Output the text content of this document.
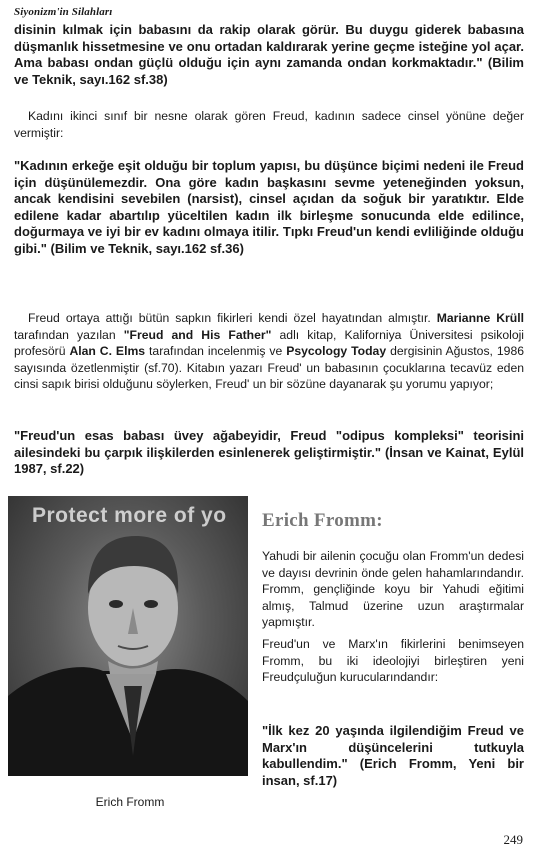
Siyonizm'in Silahları
disinin kılmak için babasını da rakip olarak görür. Bu duygu giderek babasına düşmanlık hissetmesine ve onu ortadan kaldırarak yerine geçme isteğine yol açar. Ama babası ondan güçlü olduğu için aynı zamanda ondan korkmaktadır." (Bilim ve Teknik, sayı.162 sf.38)
Kadını ikinci sınıf bir nesne olarak gören Freud, kadının sadece cinsel yönüne değer vermiştir:
"Kadının erkeğe eşit olduğu bir toplum yapısı, bu düşünce biçimi nedeni ile Freud için düşünülemezdir. Ona göre kadın başkasını sevme yeteneğinden yoksun, ancak kendisini sevebilen (narsist), cinsel açıdan da soğuk bir yaratıktır. Elde edilene kadar abartılıp yüceltilen kadın ilk birleşme sonucunda elde edilince, doğurmaya ve iyi bir ev kadını olmaya itilir. Tıpkı Freud'un kendi evliliğinde olduğu gibi." (Bilim ve Teknik, sayı.162 sf.36)
Freud ortaya attığı bütün sapkın fikirleri kendi özel hayatından almıştır. Marianne Krüll tarafından yazılan "Freud and His Father" adlı kitap, Kaliforniya Üniversitesi psikoloji profesörü Alan C. Elms tarafından incelenmiş ve Psycology Today dergisinin Ağustos, 1986 sayısında özetlenmiştir (sf.70). Kitabın yazarı Freud' un babasının çocuklarına tecavüz eden cinsi sapık birisi olduğunu söylerken, Freud' un bir sözüne dayanarak şu yorumu yapıyor;
"Freud'un esas babası üvey ağabeyidir, Freud "odipus kompleksi" teorisini ailesindeki bu çarpık ilişkilerden esinlenerek geliştirmiştir." (İnsan ve Kainat, Eylül 1987, sf.22)
Protect more of yo
Erich Fromm
Erich Fromm:
Yahudi bir ailenin çocuğu olan Fromm'un dedesi ve dayısı devrinin önde gelen hahamlarındandır. Fromm, gençliğinde koyu bir Yahudi eğitimi almış, Talmud üzerine uzun araştırmalar yapmıştır.
Freud'un ve Marx'ın fikirlerini benimseyen Fromm, bu iki ideolojiyi birleştiren yeni Freudçuluğun kurucularındandır:
"İlk kez 20 yaşında ilgilendiğim Freud ve Marx'ın düşüncelerini tutkuyla kabullendim." (Erich Fromm, Yeni bir insan, sf.17)
249
